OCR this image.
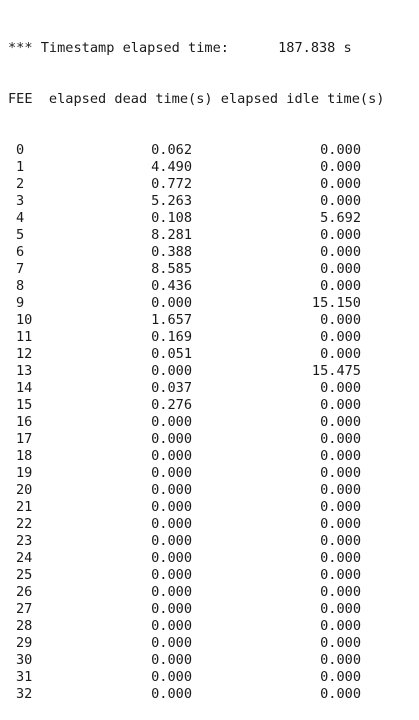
*** Timestamp elapsed time:      187.838 s

FEE  elapsed dead time(s) elapsed idle time(s)

0	0.062	0.000
1	4.490	0.000
2	0.772	0.000
3	5.263	0.000
4	0.108	5.692
5	8.281	0.000
6	0.388	0.000
7	8.585	0.000
8	0.436	0.000
9	0.000	15.150
10	1.657	0.000
11	0.169	0.000
12	0.051	0.000
13	0.000	15.475
14	0.037	0.000
15	0.276	0.000
16	0.000	0.000
17	0.000	0.000
18	0.000	0.000
19	0.000	0.000
20	0.000	0.000
21	0.000	0.000
22	0.000	0.000
23	0.000	0.000
24	0.000	0.000
25	0.000	0.000
26	0.000	0.000
27	0.000	0.000
28	0.000	0.000
29	0.000	0.000
30	0.000	0.000
31	0.000	0.000
32	0.000	0.000
